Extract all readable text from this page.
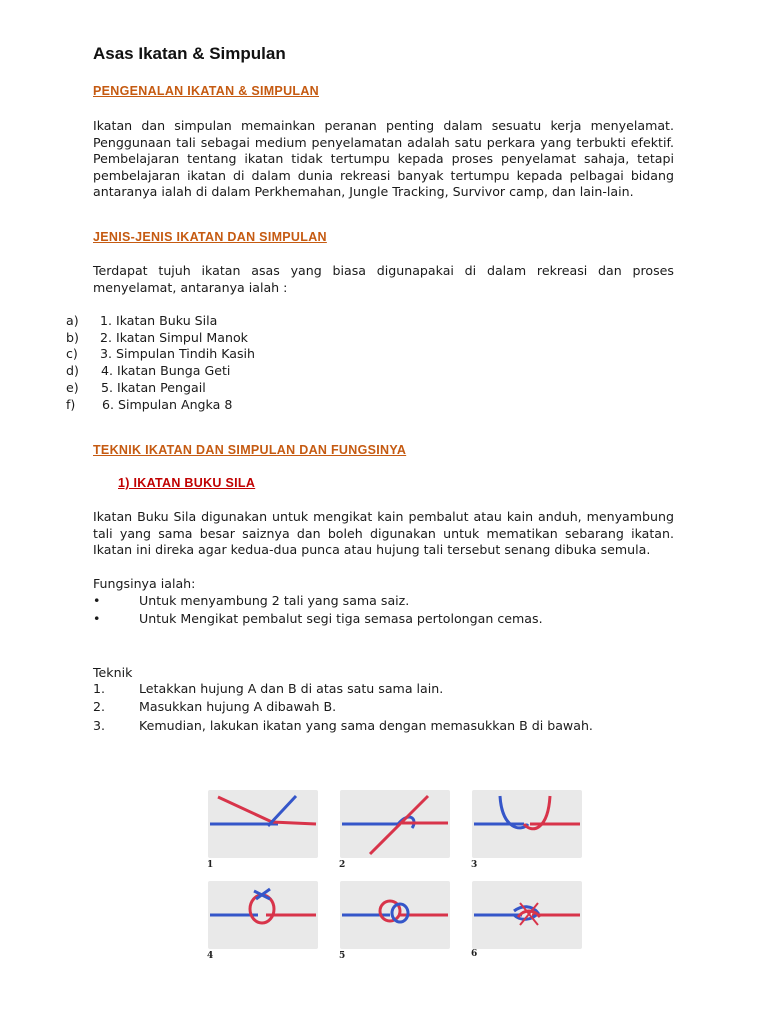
Asas Ikatan & Simpulan
PENGENALAN IKATAN & SIMPULAN
Ikatan dan simpulan memainkan peranan penting dalam sesuatu kerja menyelamat. Penggunaan tali sebagai medium penyelamatan adalah satu perkara yang terbukti efektif. Pembelajaran tentang ikatan tidak tertumpu kepada proses penyelamat sahaja, tetapi pembelajaran ikatan di dalam dunia rekreasi banyak tertumpu kepada pelbagai bidang antaranya ialah di dalam Perkhemahan, Jungle Tracking, Survivor camp, dan lain-lain.
JENIS-JENIS IKATAN DAN SIMPULAN
Terdapat tujuh ikatan asas yang biasa digunapakai di dalam rekreasi dan proses menyelamat, antaranya ialah :
a) 1. Ikatan Buku Sila
b) 2. Ikatan Simpul Manok
c) 3. Simpulan Tindih Kasih
d) 4. Ikatan Bunga Geti
e) 5. Ikatan Pengail
f) 6. Simpulan Angka 8
TEKNIK IKATAN DAN SIMPULAN DAN FUNGSINYA
1) IKATAN BUKU SILA
Ikatan Buku Sila digunakan untuk mengikat kain pembalut atau kain anduh, menyambung tali yang sama besar saiznya dan boleh digunakan untuk mematikan sebarang ikatan. Ikatan ini direka agar kedua-dua punca atau hujung tali tersebut senang dibuka semula.
Fungsinya ialah:
•	Untuk menyambung 2 tali yang sama saiz.
•	Untuk Mengikat pembalut segi tiga semasa pertolongan cemas.
Teknik
1.	Letakkan hujung A dan B di atas satu sama lain.
2.	Masukkan hujung A dibawah B.
3.	Kemudian, lakukan ikatan yang sama dengan memasukkan B di bawah.
1	2	3
4	5	6
